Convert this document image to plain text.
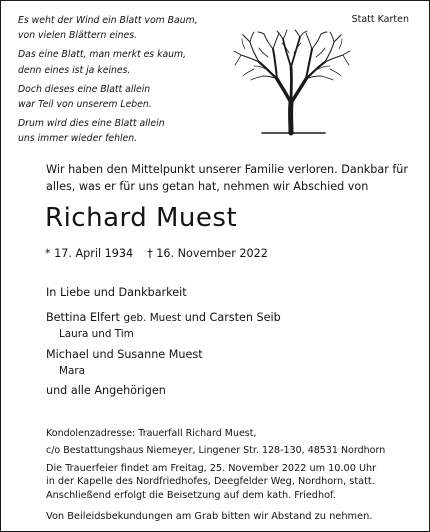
Es weht der Wind ein Blatt vom Baum,
von vielen Blättern eines.
Das eine Blatt, man merkt es kaum,
denn eines ist ja keines.
Doch dieses eine Blatt allein
war Teil von unserem Leben.
Drum wird dies eine Blatt allein
uns immer wieder fehlen.
Statt Karten
Wir haben den Mittelpunkt unserer Familie verloren. Dankbar für
alles, was er für uns getan hat, nehmen wir Abschied von
Richard Muest
* 17. April 1934 † 16. November 2022
In Liebe und Dankbarkeit
Bettina Elfert geb. Muest und Carsten Seib
Laura und Tim
Michael und Susanne Muest
Mara
und alle Angehörigen
Kondolenzadresse: Trauerfall Richard Muest,
c/o Bestattungshaus Niemeyer, Lingener Str. 128-130, 48531 Nordhorn
Die Trauerfeier findet am Freitag, 25. November 2022 um 10.00 Uhr
in der Kapelle des Nordfriedhofes, Deegfelder Weg, Nordhorn, statt.
Anschließend erfolgt die Beisetzung auf dem kath. Friedhof.
Von Beileidsbekundungen am Grab bitten wir Abstand zu nehmen.
